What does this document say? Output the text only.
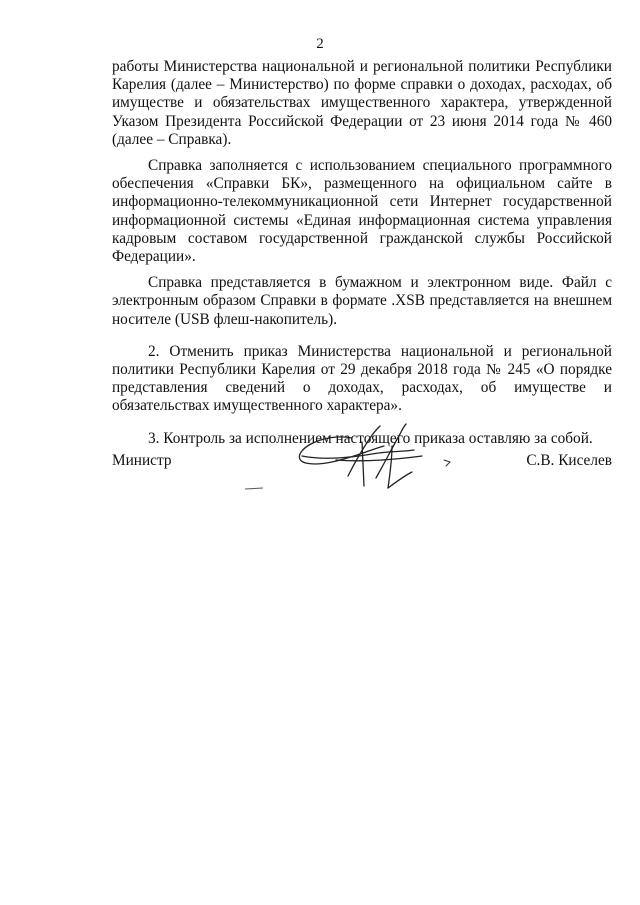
2

работы Министерства национальной и региональной политики Республики Карелия (далее – Министерство) по форме справки о доходах, расходах, об имуществе и обязательствах имущественного характера, утвержденной Указом Президента Российской Федерации от 23 июня 2014 года № 460 (далее – Справка).

Справка заполняется с использованием специального программного обеспечения «Справки БК», размещенного на официальном сайте в информационно-телекоммуникационной сети Интернет государственной информационной системы «Единая информационная система управления кадровым составом государственной гражданской службы Российской Федерации».

Справка представляется в бумажном и электронном виде. Файл с электронным образом Справки в формате .XSB представляется на внешнем носителе (USB флеш-накопитель).

2. Отменить приказ Министерства национальной и региональной политики Республики Карелия от 29 декабря 2018 года № 245 «О порядке представления сведений о доходах, расходах, об имуществе и обязательствах имущественного характера».

3. Контроль за исполнением настоящего приказа оставляю за собой.

Министр	С.В. Киселев
